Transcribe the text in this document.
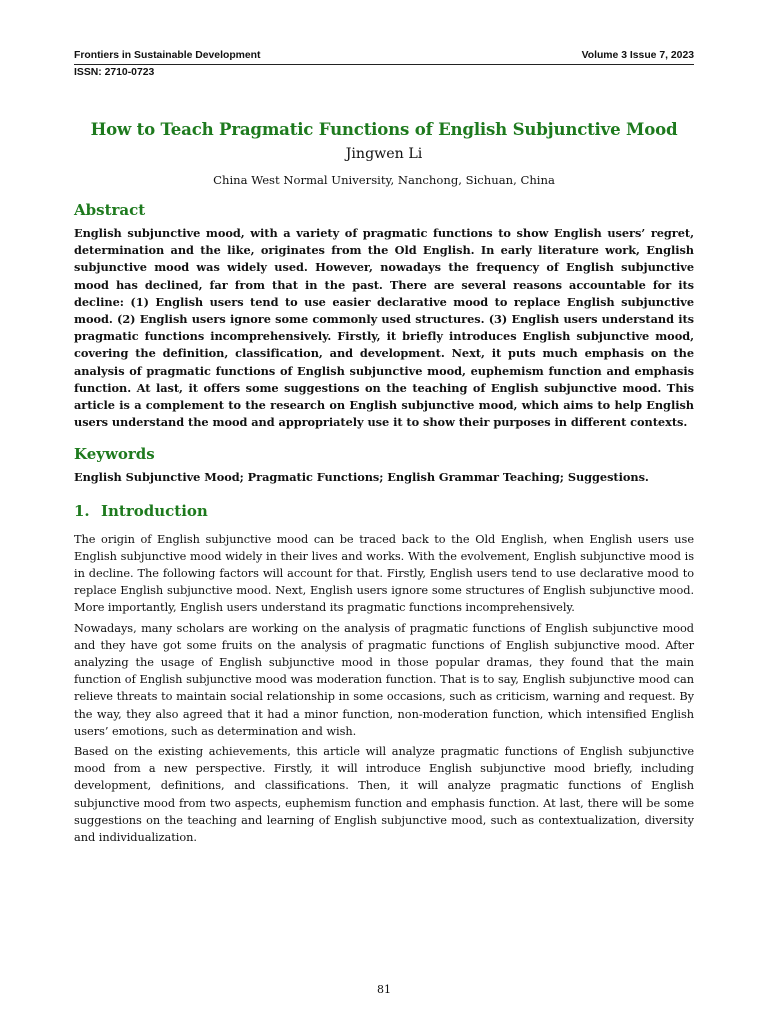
Frontiers in Sustainable Development	Volume 3 Issue 7, 2023
ISSN: 2710-0723
How to Teach Pragmatic Functions of English Subjunctive Mood
Jingwen Li
China West Normal University, Nanchong, Sichuan, China
Abstract

English subjunctive mood, with a variety of pragmatic functions to show English users’ regret, determination and the like, originates from the Old English. In early literature work, English subjunctive mood was widely used. However, nowadays the frequency of English subjunctive mood has declined, far from that in the past. There are several reasons accountable for its decline: (1) English users tend to use easier declarative mood to replace English subjunctive mood. (2) English users ignore some commonly used structures. (3) English users understand its pragmatic functions incomprehensively. Firstly, it briefly introduces English subjunctive mood, covering the definition, classification, and development. Next, it puts much emphasis on the analysis of pragmatic functions of English subjunctive mood, euphemism function and emphasis function. At last, it offers some suggestions on the teaching of English subjunctive mood. This article is a complement to the research on English subjunctive mood, which aims to help English users understand the mood and appropriately use it to show their purposes in different contexts.

Keywords

English Subjunctive Mood; Pragmatic Functions; English Grammar Teaching; Suggestions.

1. Introduction

The origin of English subjunctive mood can be traced back to the Old English, when English users use English subjunctive mood widely in their lives and works. With the evolvement, English subjunctive mood is in decline. The following factors will account for that. Firstly, English users tend to use declarative mood to replace English subjunctive mood. Next, English users ignore some structures of English subjunctive mood. More importantly, English users understand its pragmatic functions incomprehensively.

Nowadays, many scholars are working on the analysis of pragmatic functions of English subjunctive mood and they have got some fruits on the analysis of pragmatic functions of English subjunctive mood. After analyzing the usage of English subjunctive mood in those popular dramas, they found that the main function of English subjunctive mood was moderation function. That is to say, English subjunctive mood can relieve threats to maintain social relationship in some occasions, such as criticism, warning and request. By the way, they also agreed that it had a minor function, non-moderation function, which intensified English users’ emotions, such as determination and wish.

Based on the existing achievements, this article will analyze pragmatic functions of English subjunctive mood from a new perspective. Firstly, it will introduce English subjunctive mood briefly, including development, definitions, and classifications. Then, it will analyze pragmatic functions of English subjunctive mood from two aspects, euphemism function and emphasis function. At last, there will be some suggestions on the teaching and learning of English subjunctive mood, such as contextualization, diversity and individualization.

81
